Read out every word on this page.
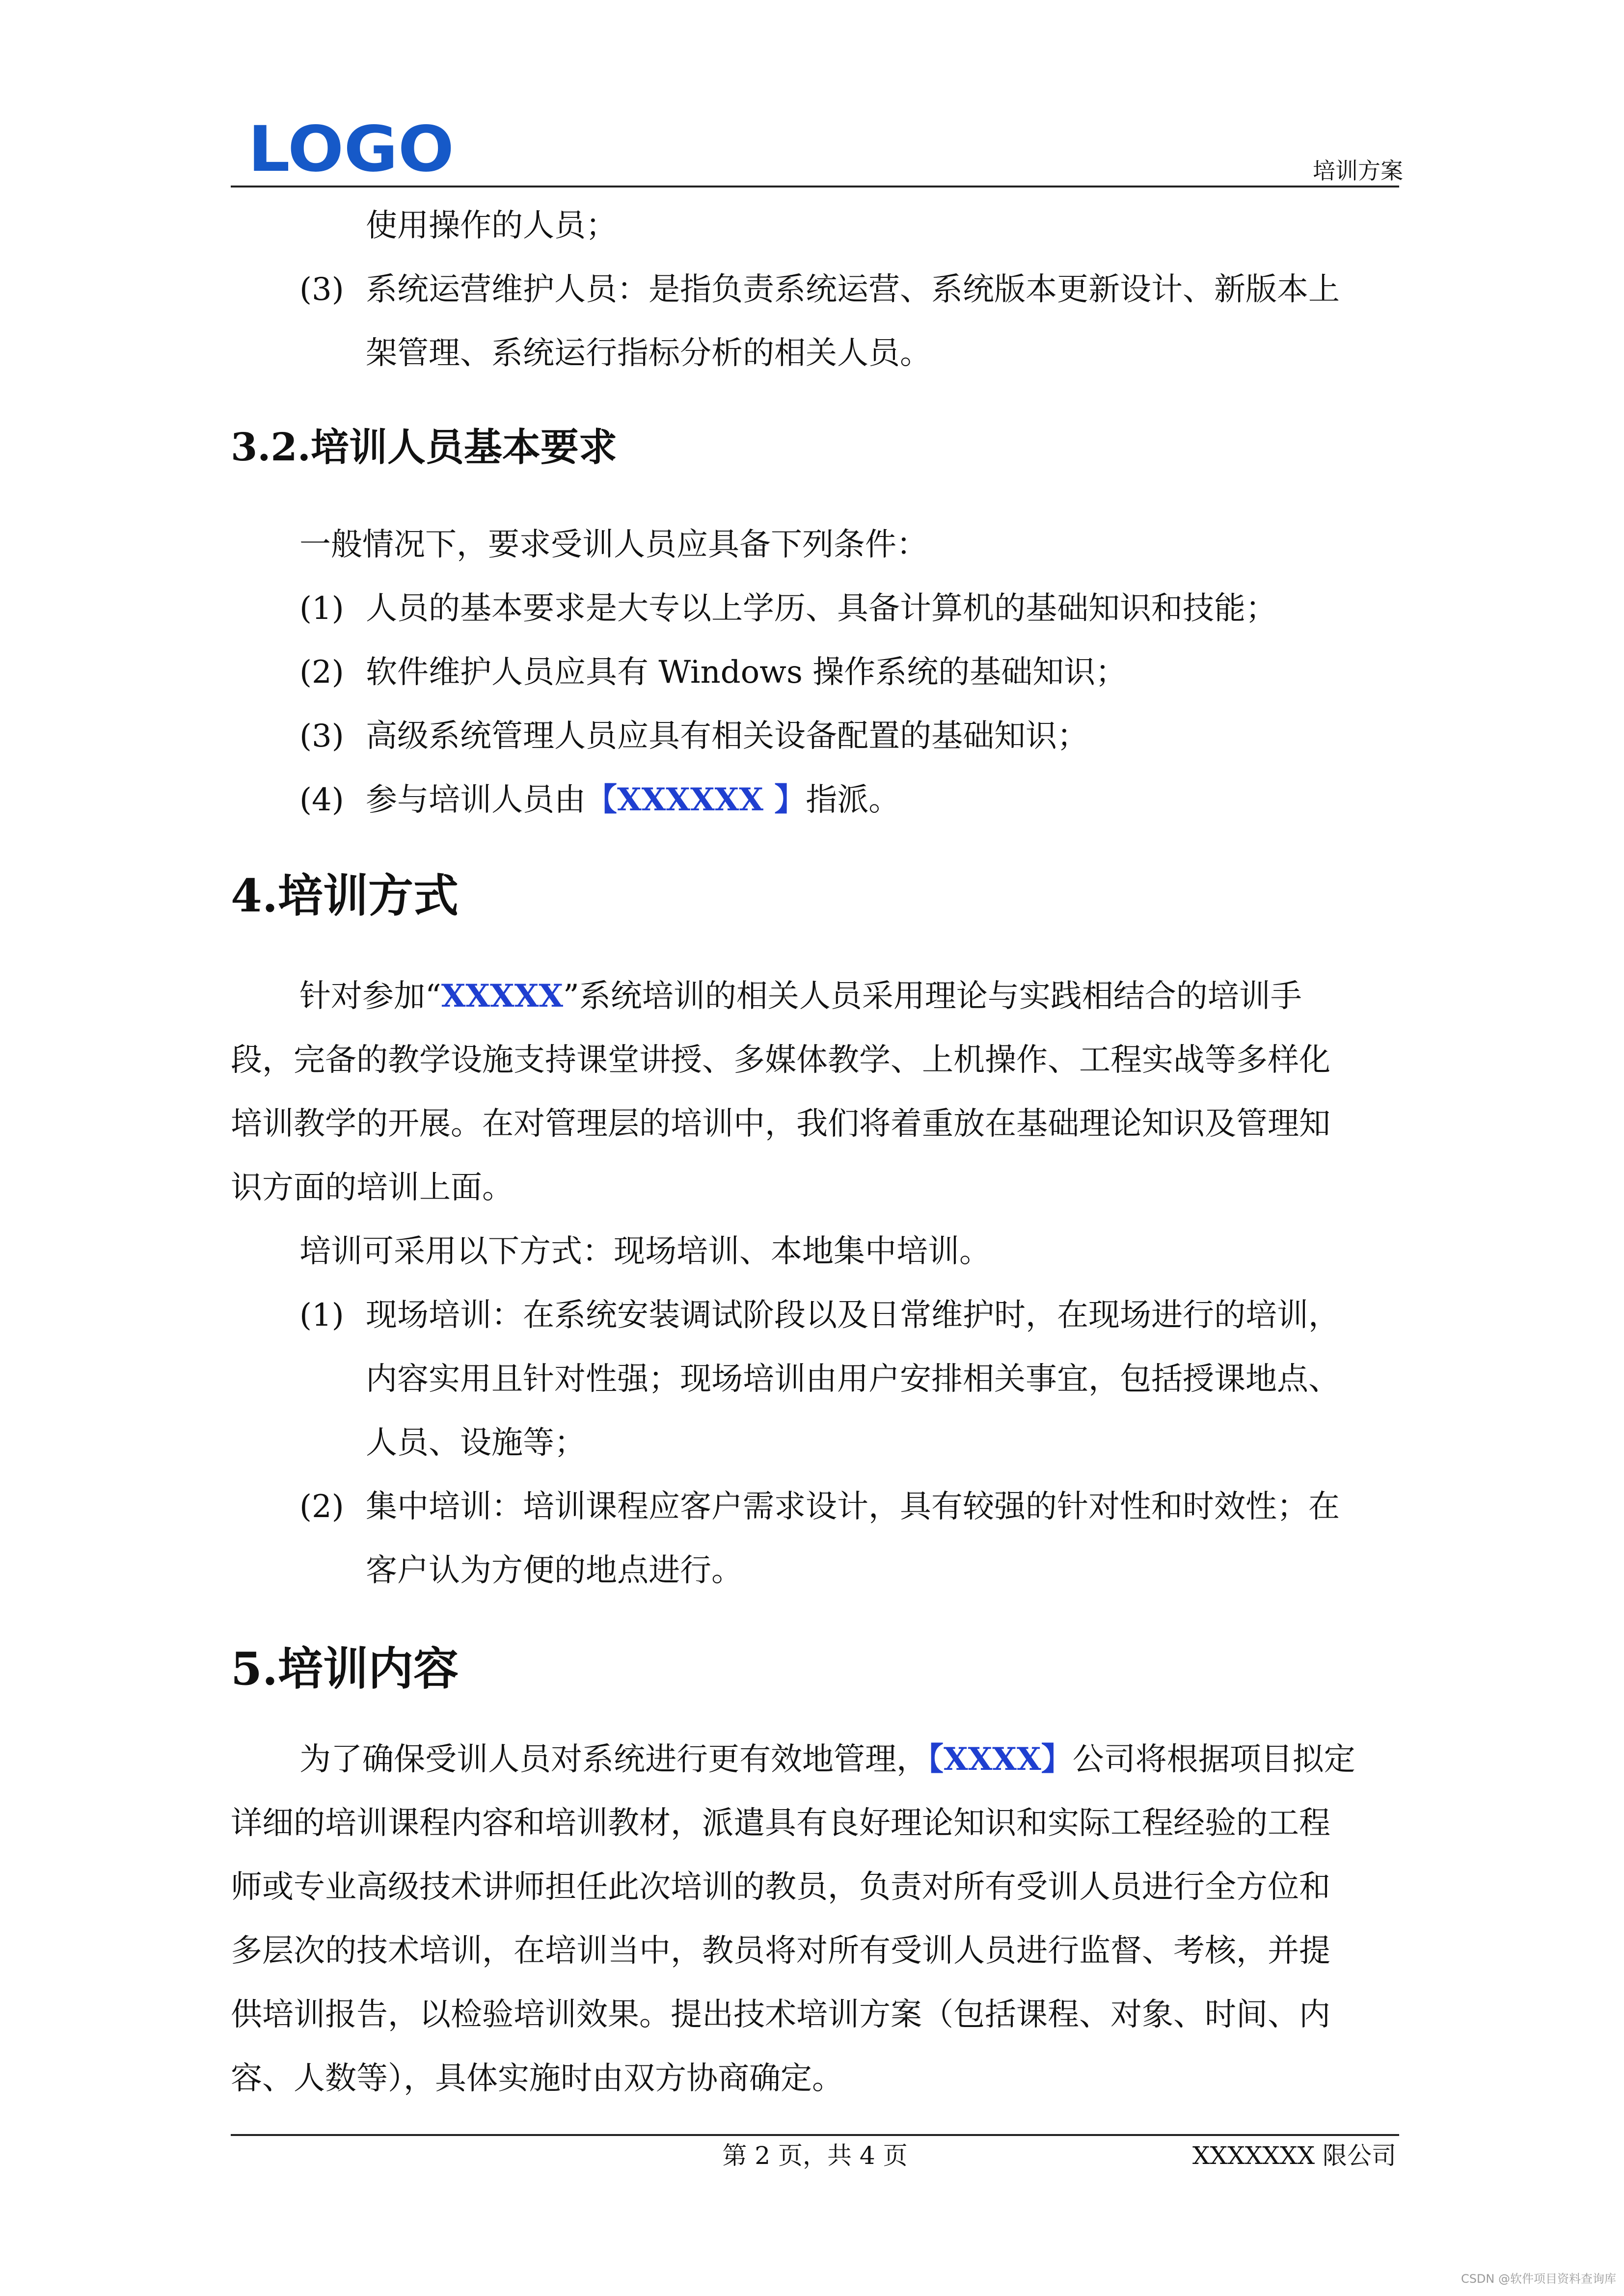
LOGO	培训方案
使用操作的人员；
(3) 系统运营维护人员：是指负责系统运营、系统版本更新设计、新版本上
架管理、系统运行指标分析的相关人员。
3.2.培训人员基本要求
一般情况下，要求受训人员应具备下列条件：
(1) 人员的基本要求是大专以上学历、具备计算机的基础知识和技能；
(2) 软件维护人员应具有 Windows 操作系统的基础知识；
(3) 高级系统管理人员应具有相关设备配置的基础知识；
(4) 参与培训人员由【XXXXXX 】指派。
4.培训方式
针对参加“XXXXX”系统培训的相关人员采用理论与实践相结合的培训手
段，完备的教学设施支持课堂讲授、多媒体教学、上机操作、工程实战等多样化
培训教学的开展。在对管理层的培训中，我们将着重放在基础理论知识及管理知
识方面的培训上面。
培训可采用以下方式：现场培训、本地集中培训。
(1) 现场培训：在系统安装调试阶段以及日常维护时，在现场进行的培训，
内容实用且针对性强；现场培训由用户安排相关事宜，包括授课地点、
人员、设施等；
(2) 集中培训：培训课程应客户需求设计，具有较强的针对性和时效性；在
客户认为方便的地点进行。
5.培训内容
为了确保受训人员对系统进行更有效地管理，【XXXX】公司将根据项目拟定
详细的培训课程内容和培训教材，派遣具有良好理论知识和实际工程经验的工程
师或专业高级技术讲师担任此次培训的教员，负责对所有受训人员进行全方位和
多层次的技术培训，在培训当中，教员将对所有受训人员进行监督、考核，并提
供培训报告，以检验培训效果。提出技术培训方案（包括课程、对象、时间、内
容、人数等），具体实施时由双方协商确定。
第 2 页，共 4 页	XXXXXXX 限公司
CSDN @软件项目资料查询库
